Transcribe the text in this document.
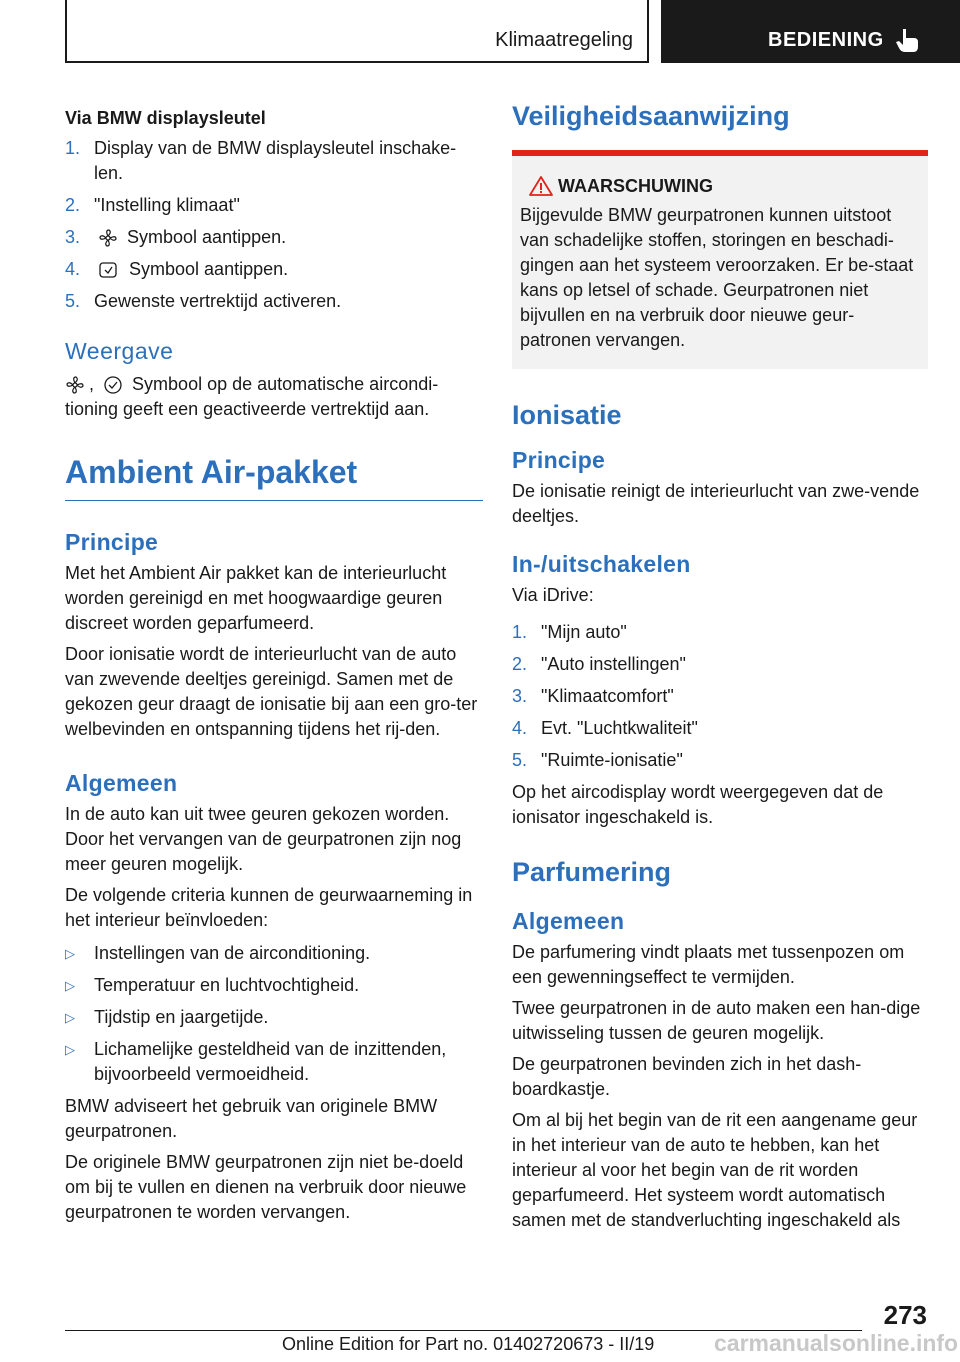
Klimaatregeling	BEDIENING
Via BMW displaysleutel
1. Display van de BMW displaysleutel inschake‐len.
2. "Instelling klimaat"
3.	Symbool aantippen.
4.	Symbool aantippen.
5. Gewenste vertrektijd activeren.
Weergave

, Symbool op de automatische aircondi‐tioning geeft een geactiveerde vertrektijd aan.

Ambient Air-pakket
Principe

Met het Ambient Air pakket kan de interieurlucht worden gereinigd en met hoogwaardige geuren discreet worden geparfumeerd.

Door ionisatie wordt de interieurlucht van de auto van zwevende deeltjes gereinigd. Samen met de gekozen geur draagt de ionisatie bij aan een gro‐ter welbevinden en ontspanning tijdens het rij‐den.

Algemeen

In de auto kan uit twee geuren gekozen worden. Door het vervangen van de geurpatronen zijn nog meer geuren mogelijk.

De volgende criteria kunnen de geurwaarneming in het interieur beïnvloeden:

▷ Instellingen van de airconditioning.
▷ Temperatuur en luchtvochtigheid.
▷ Tijdstip en jaargetijde.
▷ Lichamelijke gesteldheid van de inzittenden, bijvoorbeeld vermoeidheid.

BMW adviseert het gebruik van originele BMW geurpatronen.

De originele BMW geurpatronen zijn niet be‐doeld om bij te vullen en dienen na verbruik door nieuwe geurpatronen te worden vervangen.

Veiligheidsaanwijzing
WAARSCHUWING

Bijgevulde BMW geurpatronen kunnen uitstoot van schadelijke stoffen, storingen en beschadi‐gingen aan het systeem veroorzaken. Er be‐staat kans op letsel of schade. Geurpatronen niet bijvullen en na verbruik door nieuwe geur‐patronen vervangen.

Ionisatie
Principe

De ionisatie reinigt de interieurlucht van zwe‐vende deeltjes.

In-/uitschakelen

Via iDrive:

1. "Mijn auto"
2. "Auto instellingen"
3. "Klimaatcomfort"
4. Evt. "Luchtkwaliteit"
5. "Ruimte-ionisatie"

Op het aircodisplay wordt weergegeven dat de ionisator ingeschakeld is.

Parfumering
Algemeen

De parfumering vindt plaats met tussenpozen om een gewenningseffect te vermijden.

Twee geurpatronen in de auto maken een han‐dige uitwisseling tussen de geuren mogelijk.

De geurpatronen bevinden zich in het dash‐boardkastje.

Om al bij het begin van de rit een aangename geur in het interieur van de auto te hebben, kan het interieur al voor het begin van de rit worden geparfumeerd. Het systeem wordt automatisch samen met de standverluchting ingeschakeld als

273
Online Edition for Part no. 01402720673 - II/19	carmanualsonline.info
